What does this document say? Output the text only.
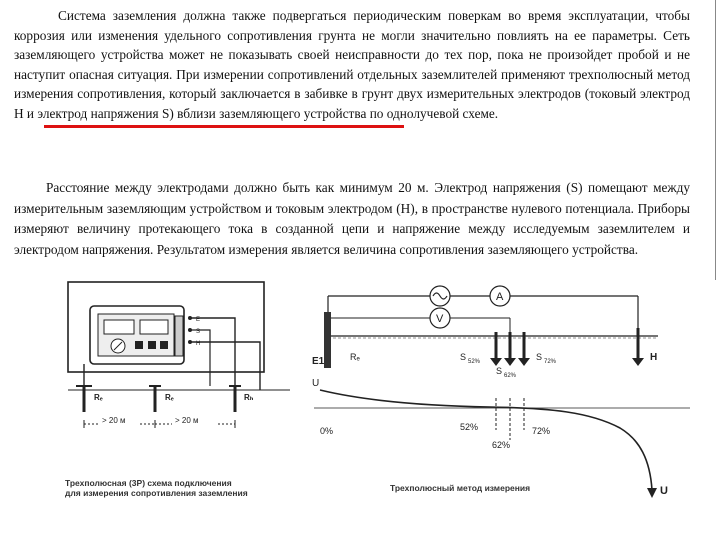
Система заземления должна также подвергаться периодическим поверкам во время эксплуатации, чтобы коррозия или изменения удельного сопротивления грунта не могли значительно повлиять на ее параметры. Сеть заземляющего устройства может не показывать своей неисправности до тех пор, пока не произойдет пробой и не наступит опасная ситуация. При измерении сопротивлений отдельных заземлителей применяют трехполюсный метод измерения сопротивления, который заключается в забивке в грунт двух измерительных электродов (токовый электрод H и электрод напряжения S) вблизи заземляющего устройства по однолучевой схеме.

Расстояние между электродами должно быть как минимум 20 м. Электрод напряжения (S) помещают между измерительным заземляющим устройством и токовым электродом (H), в пространстве нулевого потенциала. Приборы измеряют величину протекающего тока в созданной цепи и напряжение между исследуемым заземлителем и электродом напряжения. Результатом измерения является величина сопротивления заземляющего устройства.

E
S
H
Rₑ	Rₑ	Rₕ
> 20 м	> 20 м
Трехполюсная (3P) схема подключения
для измерения сопротивления заземления
A
V
E1	Rₑ	S 52%
S 62%
S 72%	H
U
0%	52%
62%
72%
U
Трехполюсный метод измерения
